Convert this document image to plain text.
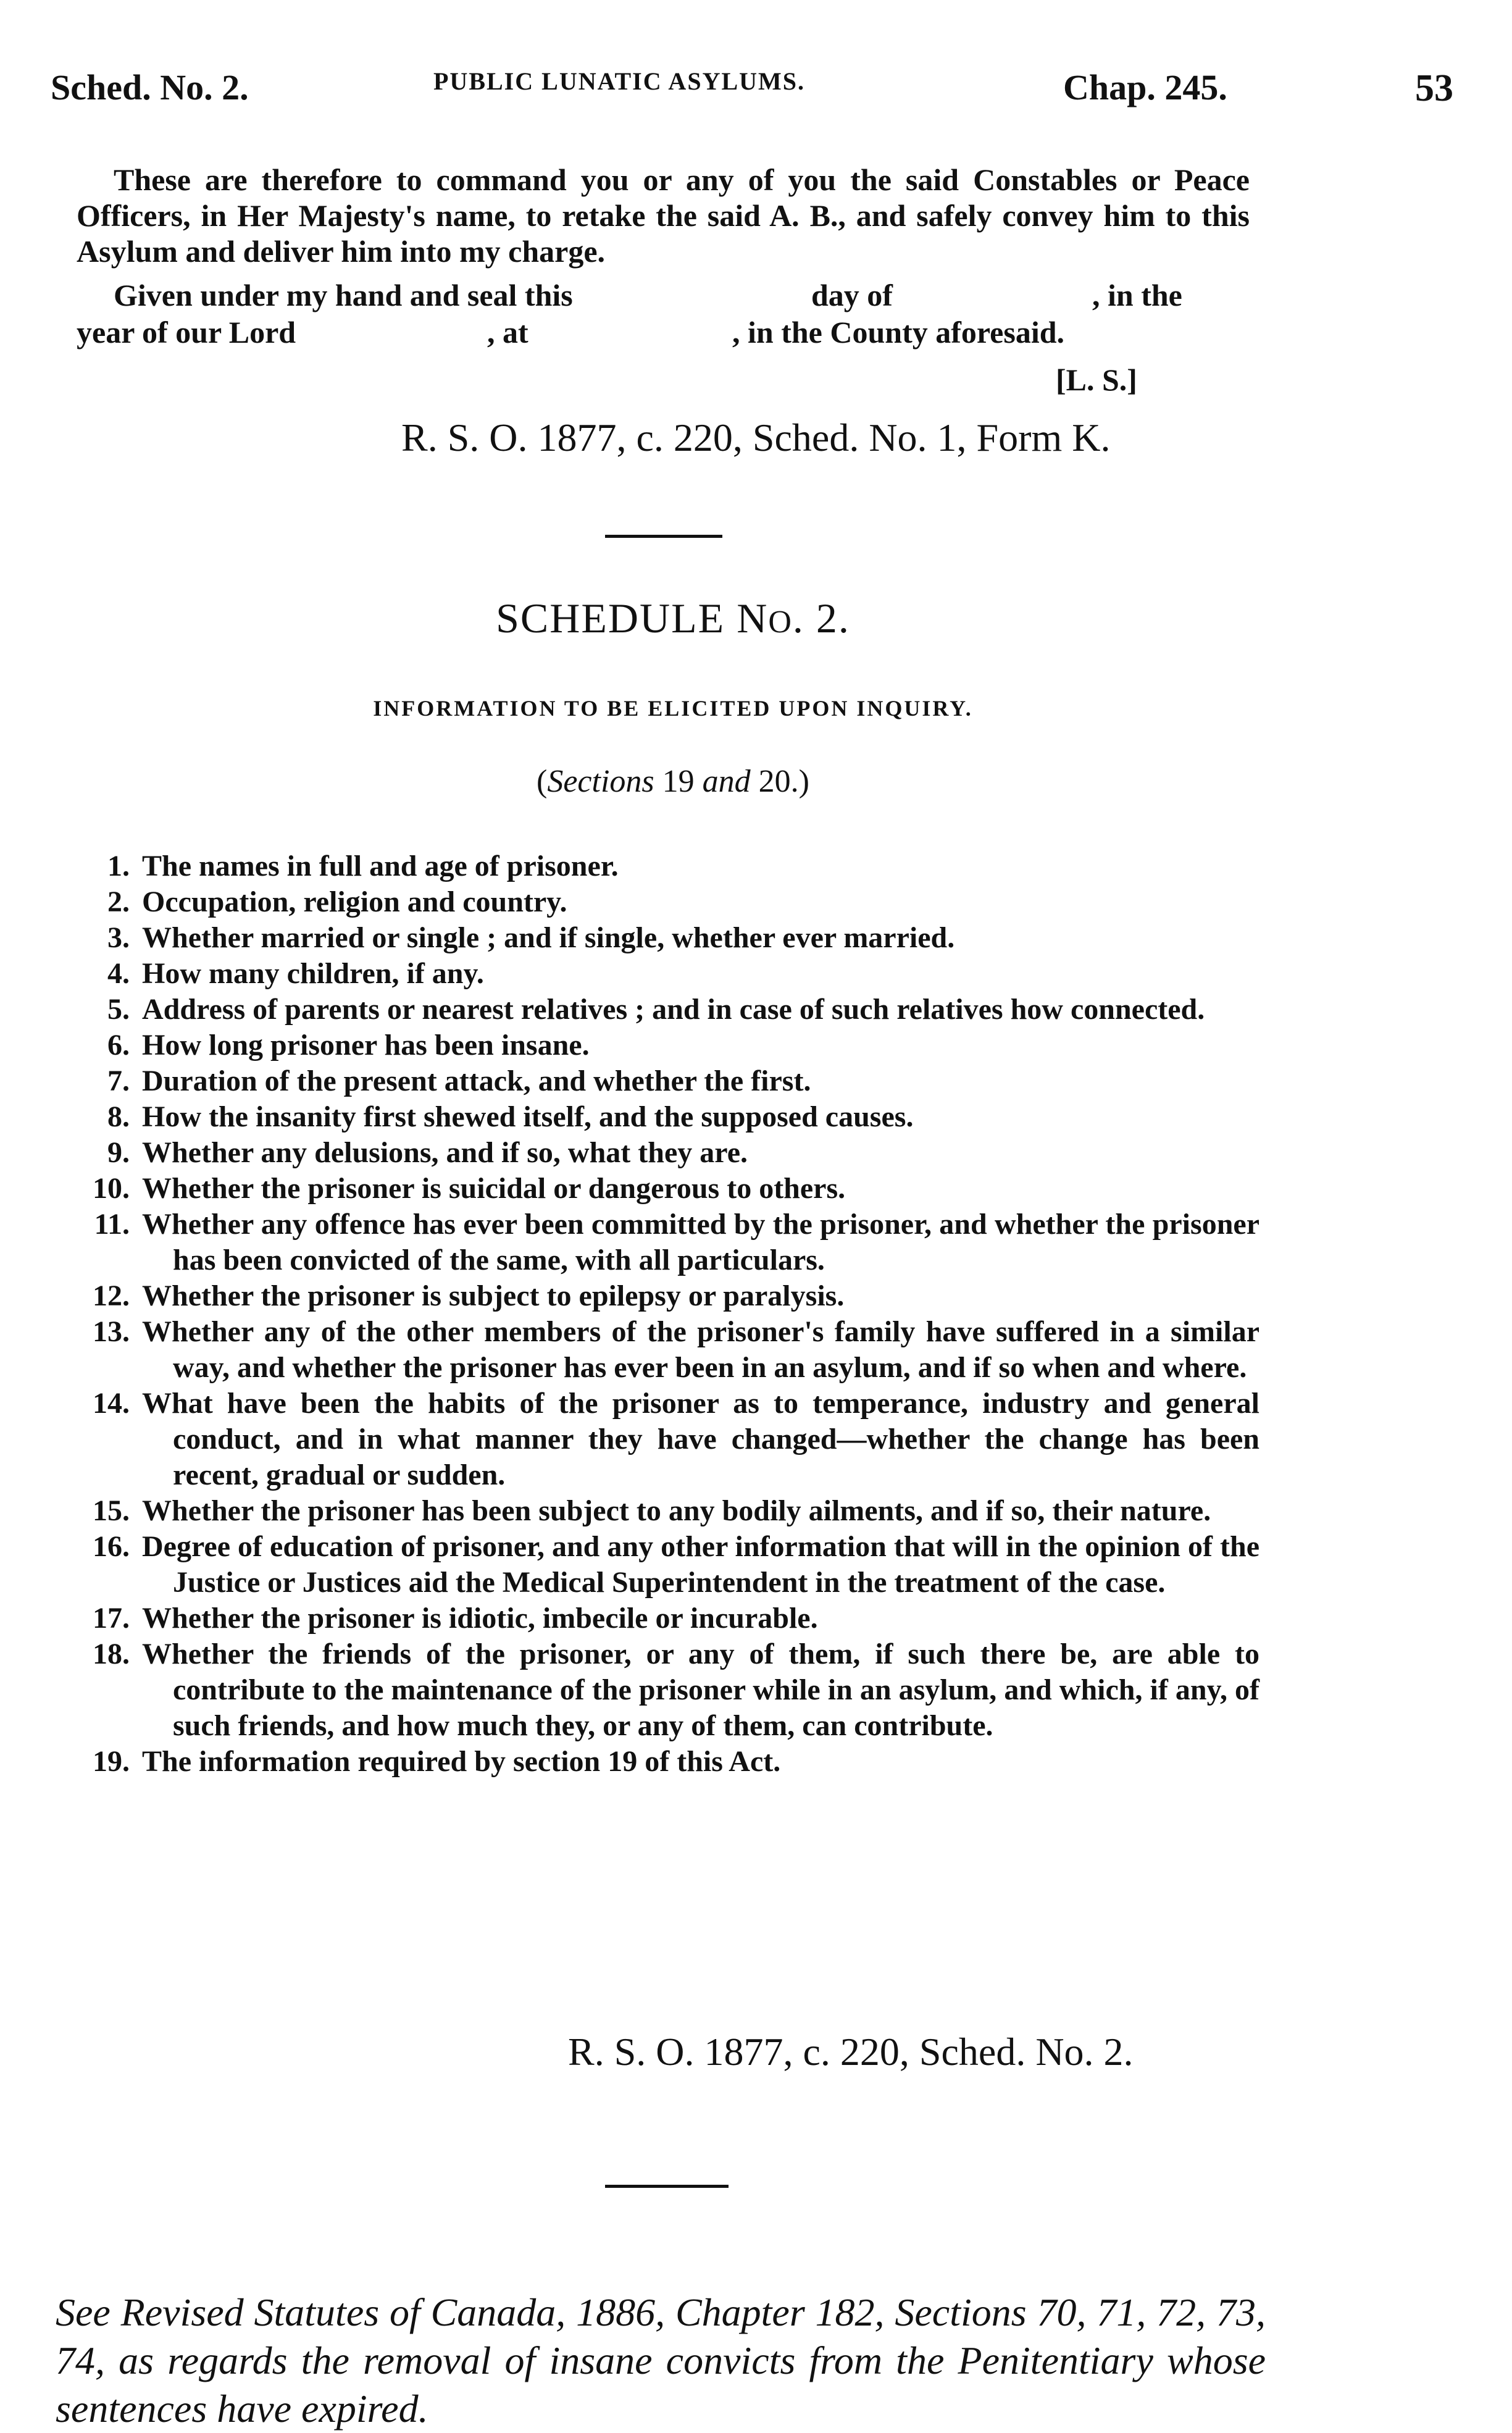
Sched. No. 2.	PUBLIC LUNATIC ASYLUMS.	Chap. 245.	53

These are therefore to command you or any of you the said Constables or Peace Officers, in Her Majesty's name, to retake the said A. B., and safely convey him to this Asylum and deliver him into my charge.

Given under my hand and seal this	day of	, in the
year of our Lord	, at	, in the County aforesaid.
[L. S.]
R. S. O. 1877, c. 220, Sched. No. 1, Form K.
SCHEDULE NO. 2.
INFORMATION TO BE ELICITED UPON INQUIRY.
(Sections 19 and 20.)
1. The names in full and age of prisoner.
2. Occupation, religion and country.
3. Whether married or single ; and if single, whether ever married.
4. How many children, if any.
5. Address of parents or nearest relatives ; and in case of such relatives how connected.
6. How long prisoner has been insane.
7. Duration of the present attack, and whether the first.
8. How the insanity first shewed itself, and the supposed causes.
9. Whether any delusions, and if so, what they are.
10. Whether the prisoner is suicidal or dangerous to others.
11. Whether any offence has ever been committed by the prisoner, and whether the prisoner has been convicted of the same, with all particulars.
12. Whether the prisoner is subject to epilepsy or paralysis.
13. Whether any of the other members of the prisoner's family have suffered in a similar way, and whether the prisoner has ever been in an asylum, and if so when and where.
14. What have been the habits of the prisoner as to temperance, industry and general conduct, and in what manner they have changed—whether the change has been recent, gradual or sudden.
15. Whether the prisoner has been subject to any bodily ailments, and if so, their nature.
16. Degree of education of prisoner, and any other information that will in the opinion of the Justice or Justices aid the Medical Superintendent in the treatment of the case.
17. Whether the prisoner is idiotic, imbecile or incurable.
18. Whether the friends of the prisoner, or any of them, if such there be, are able to contribute to the maintenance of the prisoner while in an asylum, and which, if any, of such friends, and how much they, or any of them, can contribute.
19. The information required by section 19 of this Act.
R. S. O. 1877, c. 220, Sched. No. 2.
See Revised Statutes of Canada, 1886, Chapter 182, Sections 70, 71, 72, 73, 74, as regards the removal of insane convicts from the Penitentiary whose sentences have expired.
